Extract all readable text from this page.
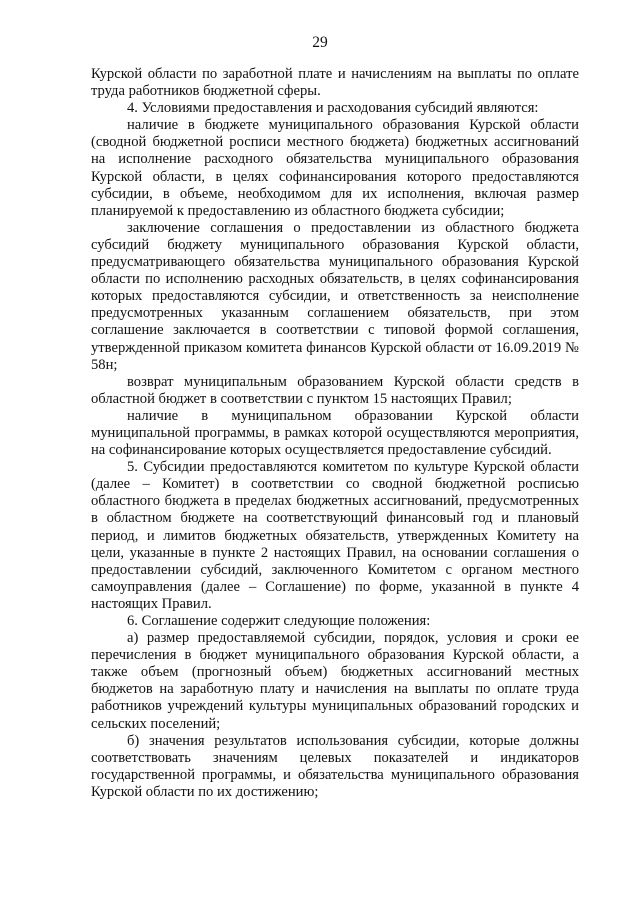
29

Курской области по заработной плате и начислениям на выплаты по оплате труда работников бюджетной сферы.

4. Условиями предоставления и расходования субсидий являются:

наличие в бюджете муниципального образования Курской области (сводной бюджетной росписи местного бюджета) бюджетных ассигнований на исполнение расходного обязательства муниципального образования Курской области, в целях софинансирования которого предоставляются субсидии, в объеме, необходимом для их исполнения, включая размер планируемой к предоставлению из областного бюджета субсидии;

заключение соглашения о предоставлении из областного бюджета субсидий бюджету муниципального образования Курской области, предусматривающего обязательства муниципального образования Курской области по исполнению расходных обязательств, в целях софинансирования которых предоставляются субсидии, и ответственность за неисполнение предусмотренных указанным соглашением обязательств, при этом соглашение заключается в соответствии с типовой формой соглашения, утвержденной приказом комитета финансов Курской области от 16.09.2019 № 58н;

возврат муниципальным образованием Курской области средств в областной бюджет в соответствии с пунктом 15 настоящих Правил;

наличие в муниципальном образовании Курской области муниципальной программы, в рамках которой осуществляются мероприятия, на софинансирование которых осуществляется предоставление субсидий.

5. Субсидии предоставляются комитетом по культуре Курской области (далее – Комитет) в соответствии со сводной бюджетной росписью областного бюджета в пределах бюджетных ассигнований, предусмотренных в областном бюджете на соответствующий финансовый год и плановый период, и лимитов бюджетных обязательств, утвержденных Комитету на цели, указанные в пункте 2 настоящих Правил, на основании соглашения о предоставлении субсидий, заключенного Комитетом с органом местного самоуправления (далее – Соглашение) по форме, указанной в пункте 4 настоящих Правил.

6. Соглашение содержит следующие положения:

а) размер предоставляемой субсидии, порядок, условия и сроки ее перечисления в бюджет муниципального образования Курской области, а также объем (прогнозный объем) бюджетных ассигнований местных бюджетов на заработную плату и начисления на выплаты по оплате труда работников учреждений культуры муниципальных образований городских и сельских поселений;

б) значения результатов использования субсидии, которые должны соответствовать значениям целевых показателей и индикаторов государственной программы, и обязательства муниципального образования Курской области по их достижению;
